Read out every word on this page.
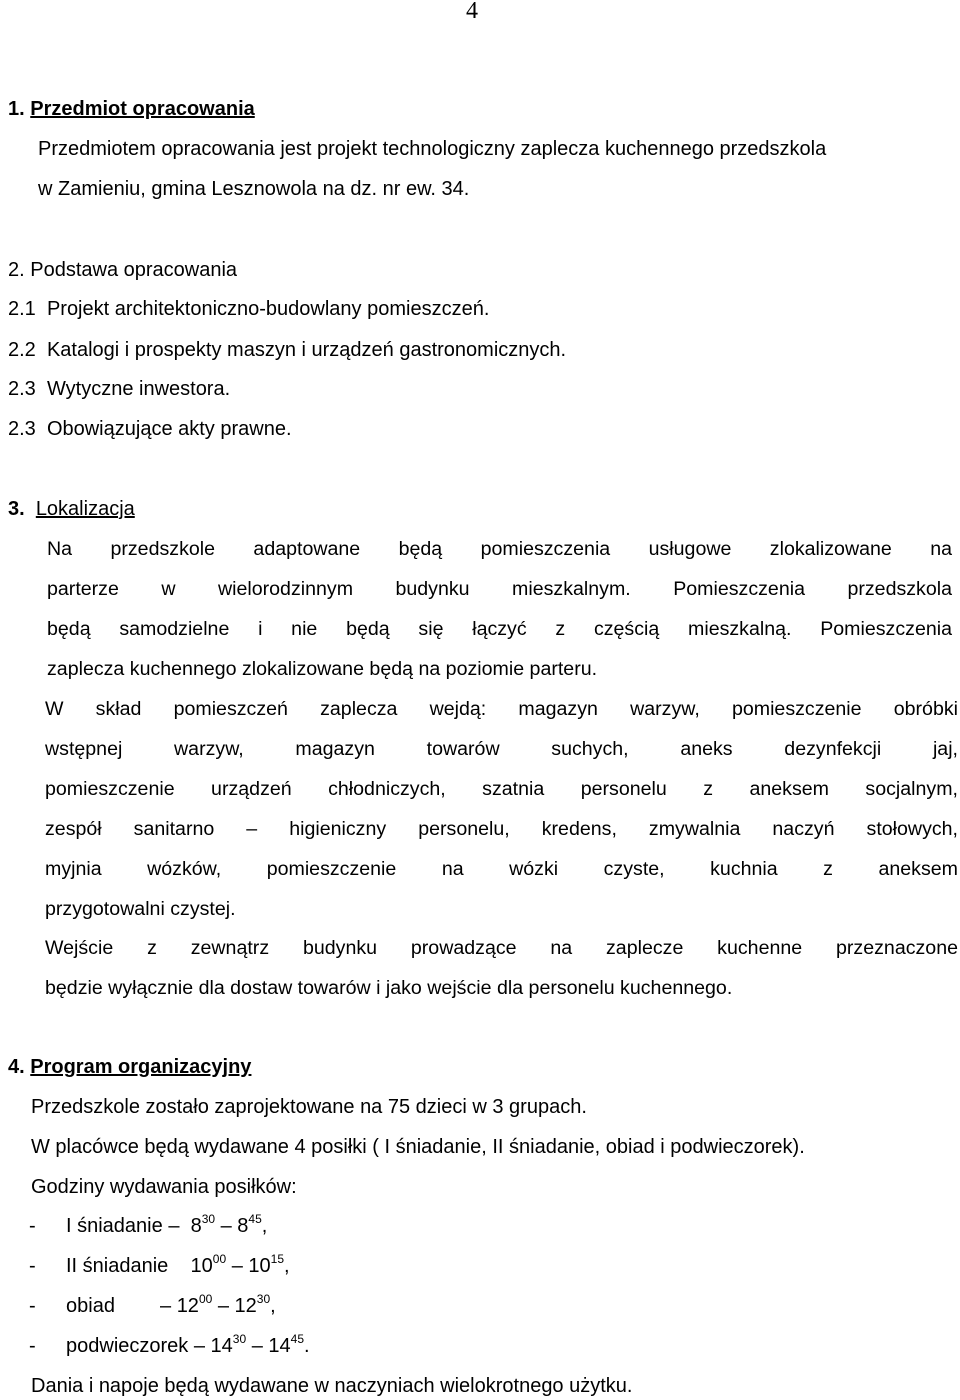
4
1. Przedmiot opracowania
Przedmiotem opracowania jest projekt technologiczny zaplecza kuchennego przedszkola
w Zamieniu, gmina Lesznowola na dz. nr ew. 34.
2. Podstawa opracowania
2.1 Projekt architektoniczno-budowlany pomieszczeń.
2.2 Katalogi i prospekty maszyn i urządzeń gastronomicznych.
2.3 Wytyczne inwestora.
2.3 Obowiązujące akty prawne.
3. Lokalizacja
Na przedszkole adaptowane będą pomieszczenia usługowe zlokalizowane na
parterze w wielorodzinnym budynku mieszkalnym. Pomieszczenia przedszkola
będą samodzielne i nie będą się łączyć z częścią mieszkalną. Pomieszczenia
zaplecza kuchennego zlokalizowane będą na poziomie parteru.
W skład pomieszczeń zaplecza wejdą: magazyn warzyw, pomieszczenie obróbki
wstępnej warzyw, magazyn towarów suchych, aneks dezynfekcji jaj,
pomieszczenie urządzeń chłodniczych, szatnia personelu z aneksem socjalnym,
zespół sanitarno – higieniczny personelu, kredens, zmywalnia naczyń stołowych,
myjnia wózków, pomieszczenie na wózki czyste, kuchnia z aneksem
przygotowalni czystej.
Wejście z zewnątrz budynku prowadzące na zaplecze kuchenne przeznaczone
będzie wyłącznie dla dostaw towarów i jako wejście dla personelu kuchennego.
4. Program organizacyjny
Przedszkole zostało zaprojektowane na 75 dzieci w 3 grupach.
W placówce będą wydawane 4 posiłki ( I śniadanie, II śniadanie, obiad i podwieczorek).
Godziny wydawania posiłków:
- I śniadanie – $8^{30} - 8^{45}$,
- II śniadanie $10^{00} - 10^{15}$,
- obiad – $12^{00} - 12^{30}$,
- podwieczorek – $14^{30} - 14^{45}$.
Dania i napoje będą wydawane w naczyniach wielokrotnego użytku.
